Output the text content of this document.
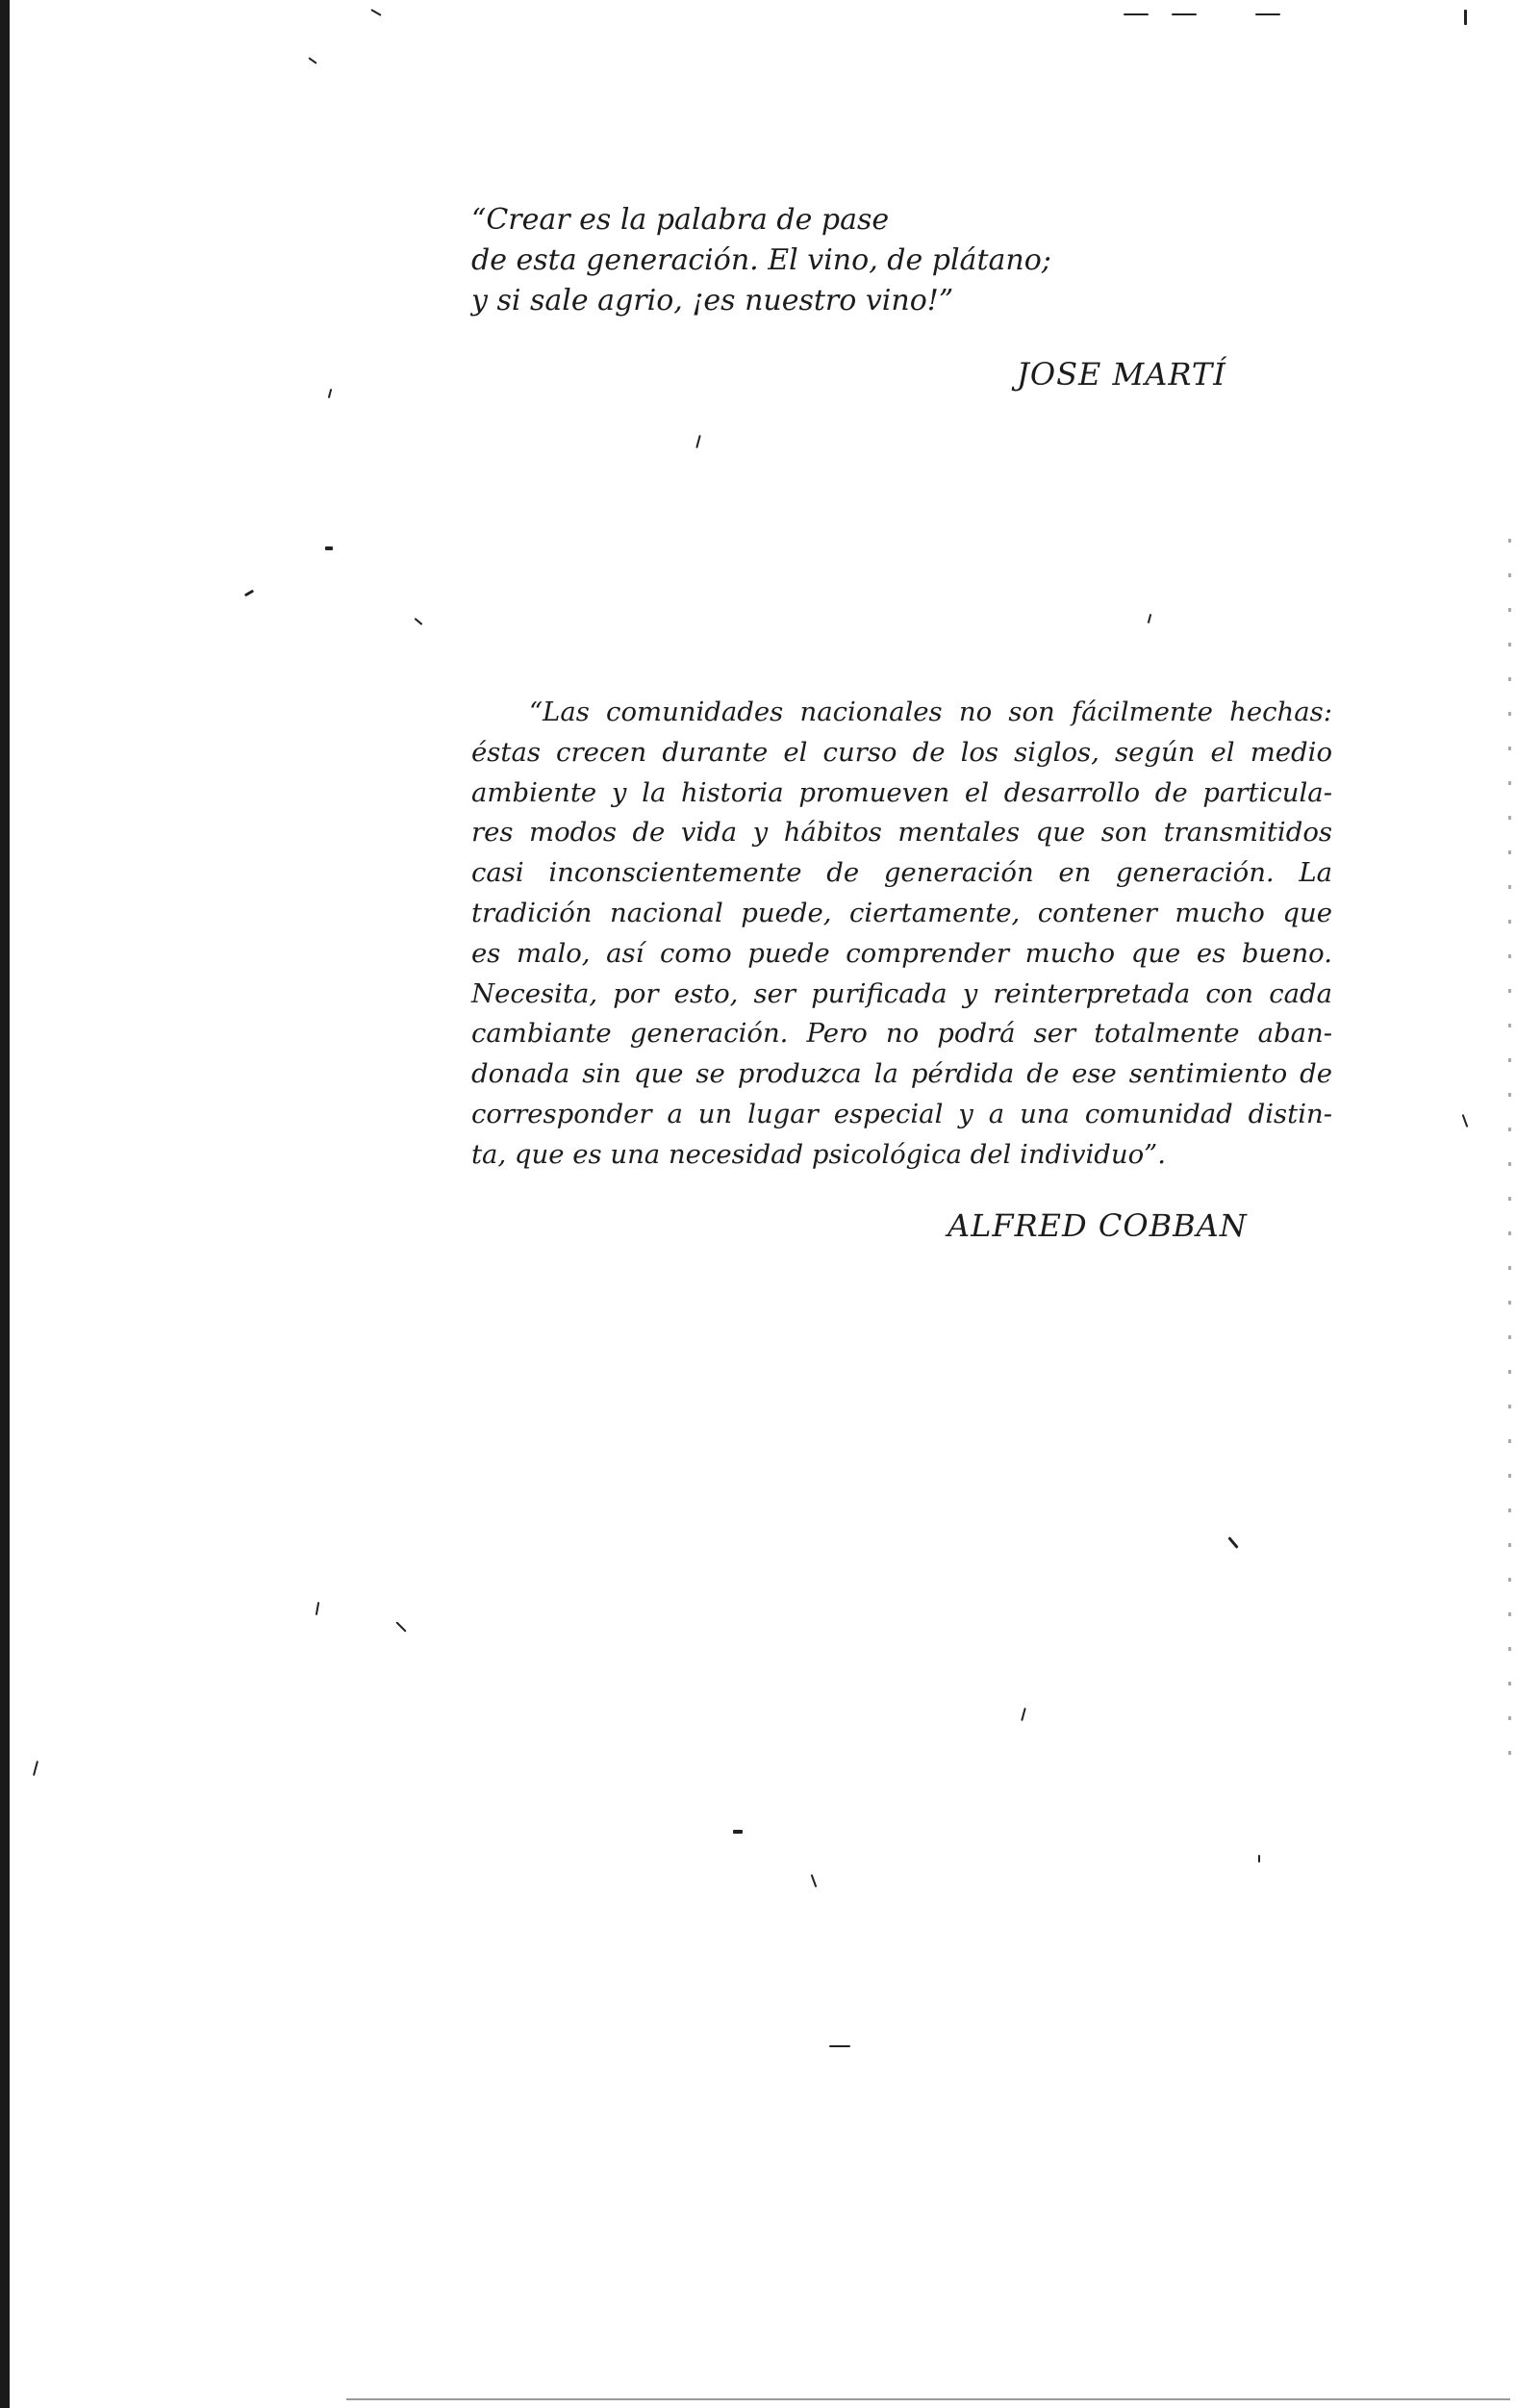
“Crear es la palabra de pase
de esta generación. El vino, de plátano;
y si sale agrio, ¡es nuestro vino!”
JOSE MARTÍ
“Las comunidades nacionales no son fácilmente hechas:
éstas crecen durante el curso de los siglos, según el medio
ambiente y la historia promueven el desarrollo de particula-
res modos de vida y hábitos mentales que son transmitidos
casi inconscientemente de generación en generación. La
tradición nacional puede, ciertamente, contener mucho que
es malo, así como puede comprender mucho que es bueno.
Necesita, por esto, ser purificada y reinterpretada con cada
cambiante generación. Pero no podrá ser totalmente aban-
donada sin que se produzca la pérdida de ese sentimiento de
corresponder a un lugar especial y a una comunidad distin-
ta, que es una necesidad psicológica del individuo”.
ALFRED COBBAN
